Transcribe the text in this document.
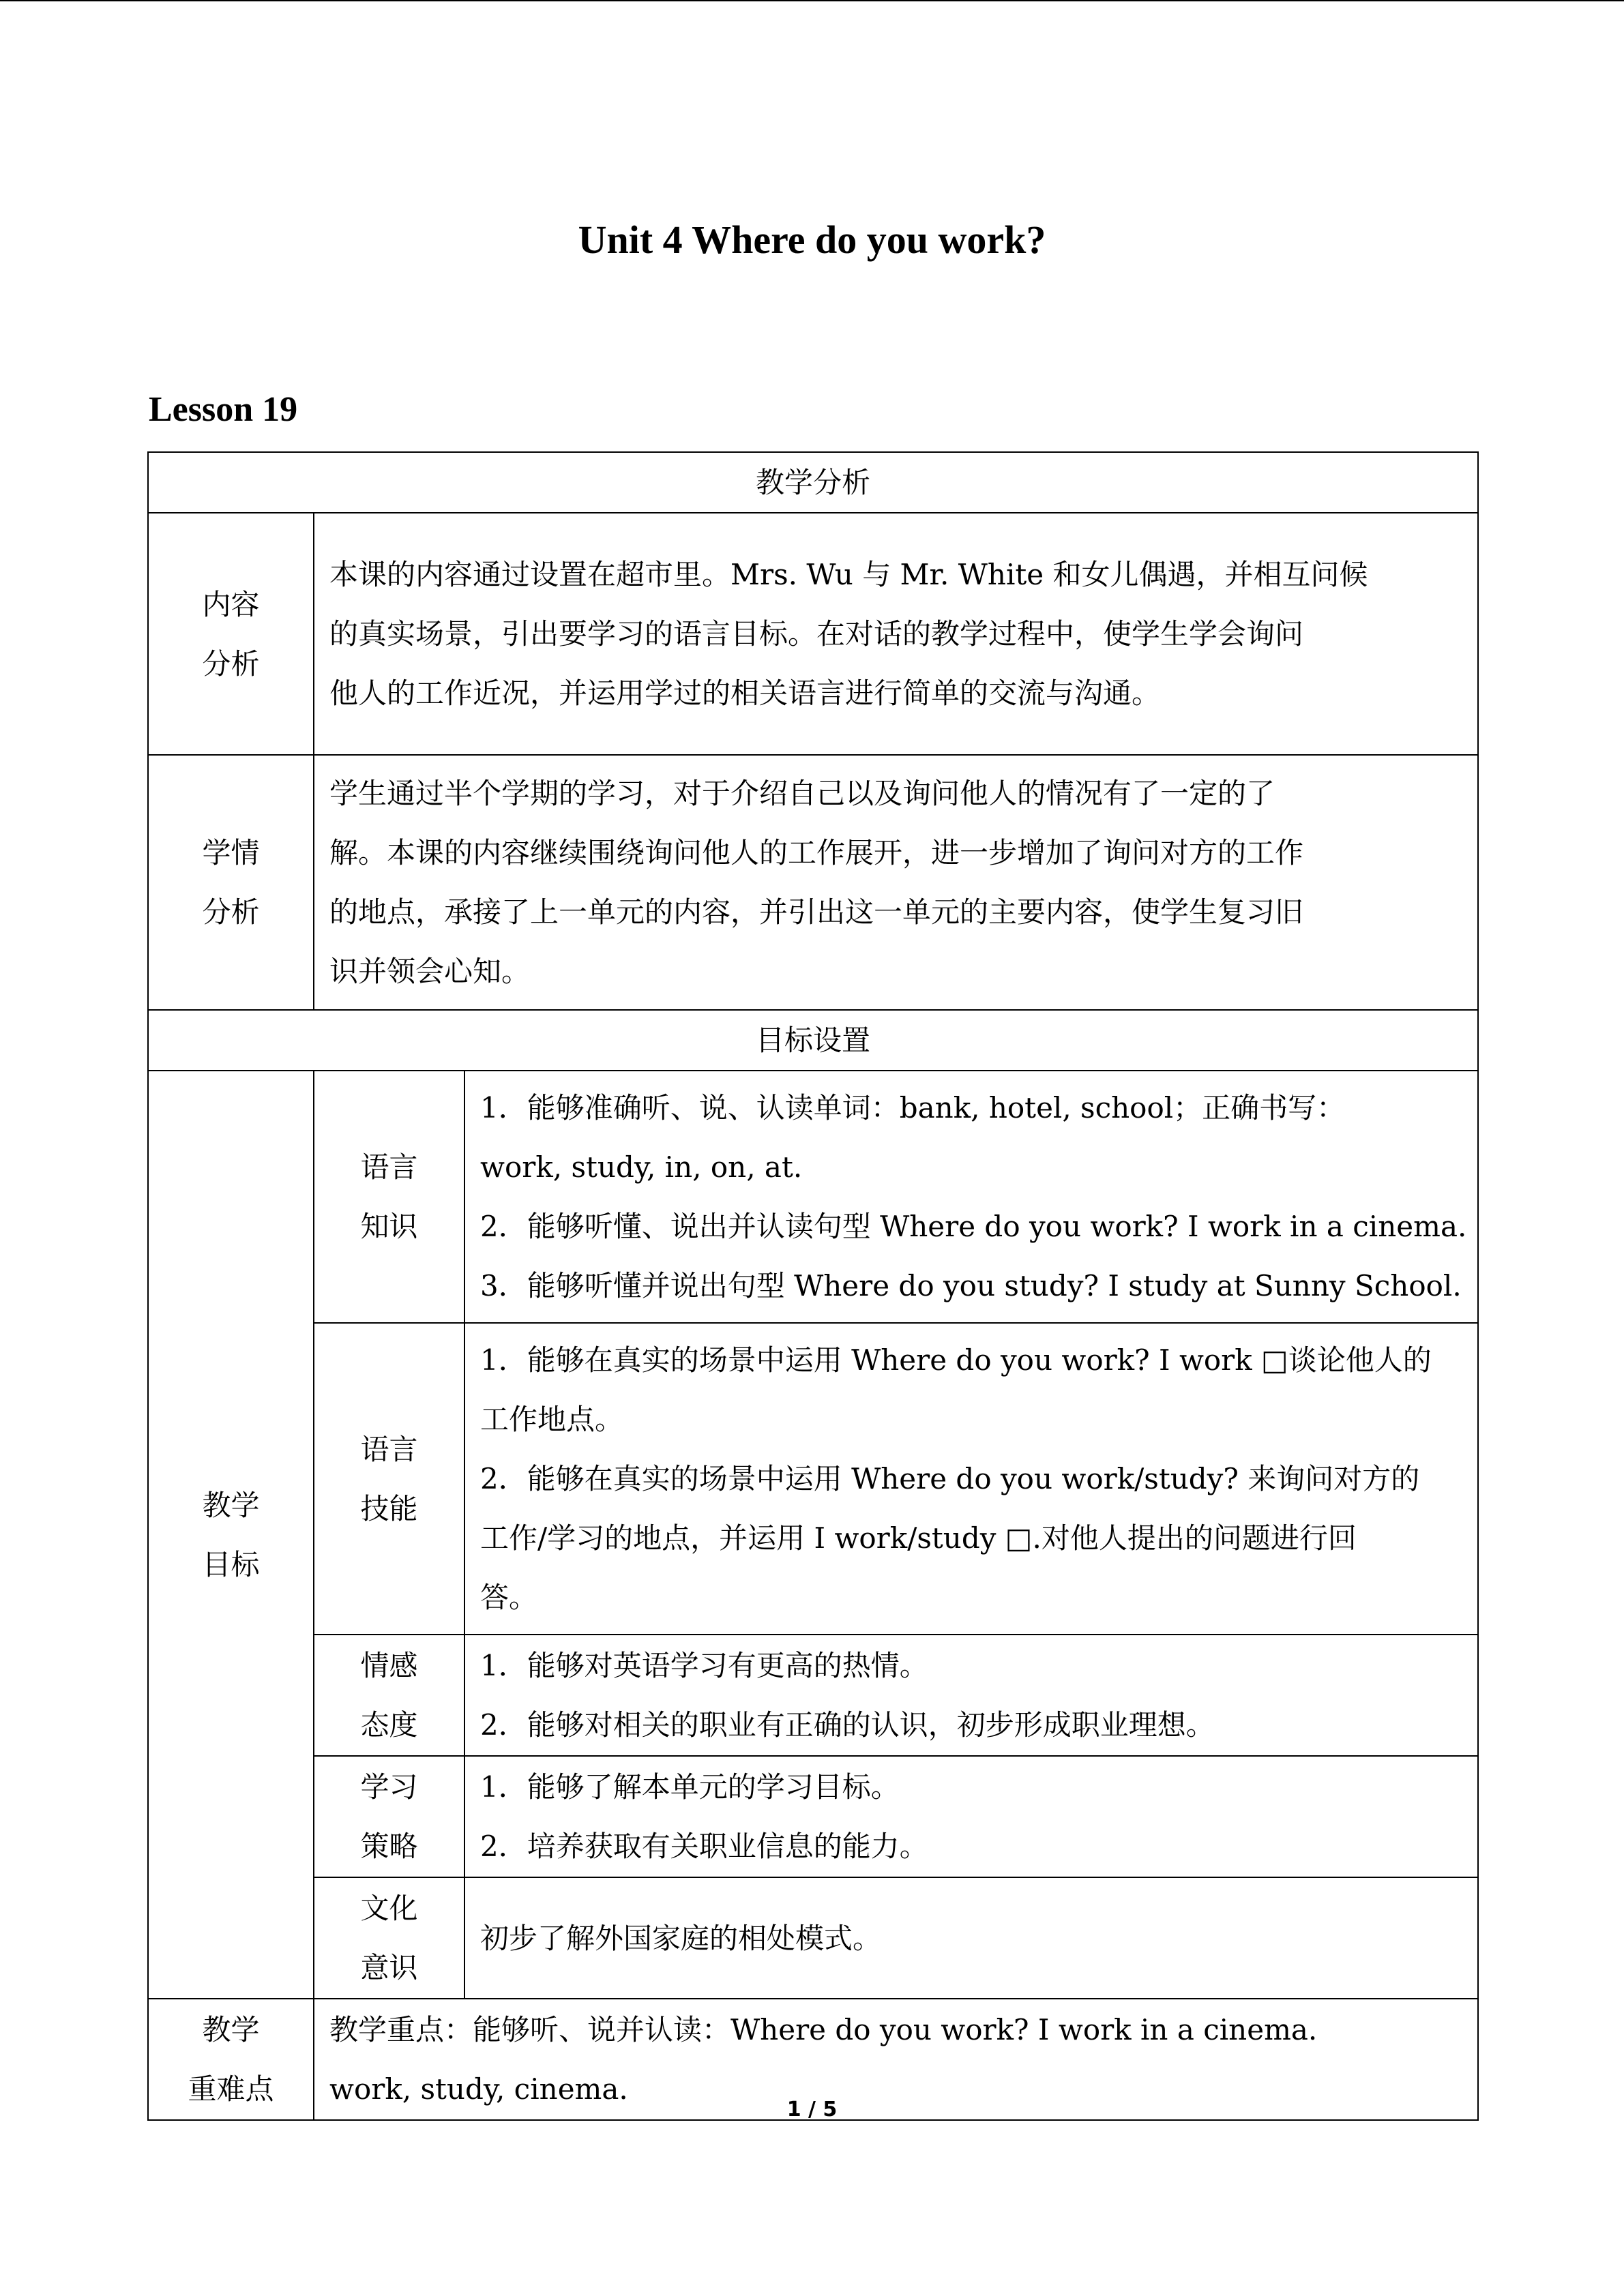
Unit 4 Where do you work?
Lesson 19
教学分析		

内容
分析	本课的内容通过设置在超市里。Mrs. Wu 与 Mr. White 和女儿偶遇，并相互问候
的真实场景，引出要学习的语言目标。在对话的教学过程中，使学生学会询问
他人的工作近况，并运用学过的相关语言进行简单的交流与沟通。	

学情
分析	学生通过半个学期的学习，对于介绍自己以及询问他人的情况有了一定的了
解。本课的内容继续围绕询问他人的工作展开，进一步增加了询问对方的工作
的地点，承接了上一单元的内容，并引出这一单元的主要内容，使学生复习旧
识并领会心知。	

目标设置		

教学
目标	语言
知识	1．能够准确听、说、认读单词：bank, hotel, school；正确书写：
work, study, in, on, at.
2．能够听懂、说出并认读句型 Where do you work? I work in a cinema.
3．能够听懂并说出句型 Where do you study? I study at Sunny School.

	语言
技能	1．能够在真实的场景中运用 Where do you work? I work □谈论他人的
工作地点。
2．能够在真实的场景中运用 Where do you work/study? 来询问对方的
工作/学习的地点，并运用 I work/study □.对他人提出的问题进行回
答。

	情感
态度	1．能够对英语学习有更高的热情。
2．能够对相关的职业有正确的认识，初步形成职业理想。

	学习
策略	1．能够了解本单元的学习目标。
2．培养获取有关职业信息的能力。

	文化
意识	初步了解外国家庭的相处模式。

教学
重难点	教学重点：能够听、说并认读：Where do you work? I work in a cinema.
work, study, cinema.	
1 / 5
